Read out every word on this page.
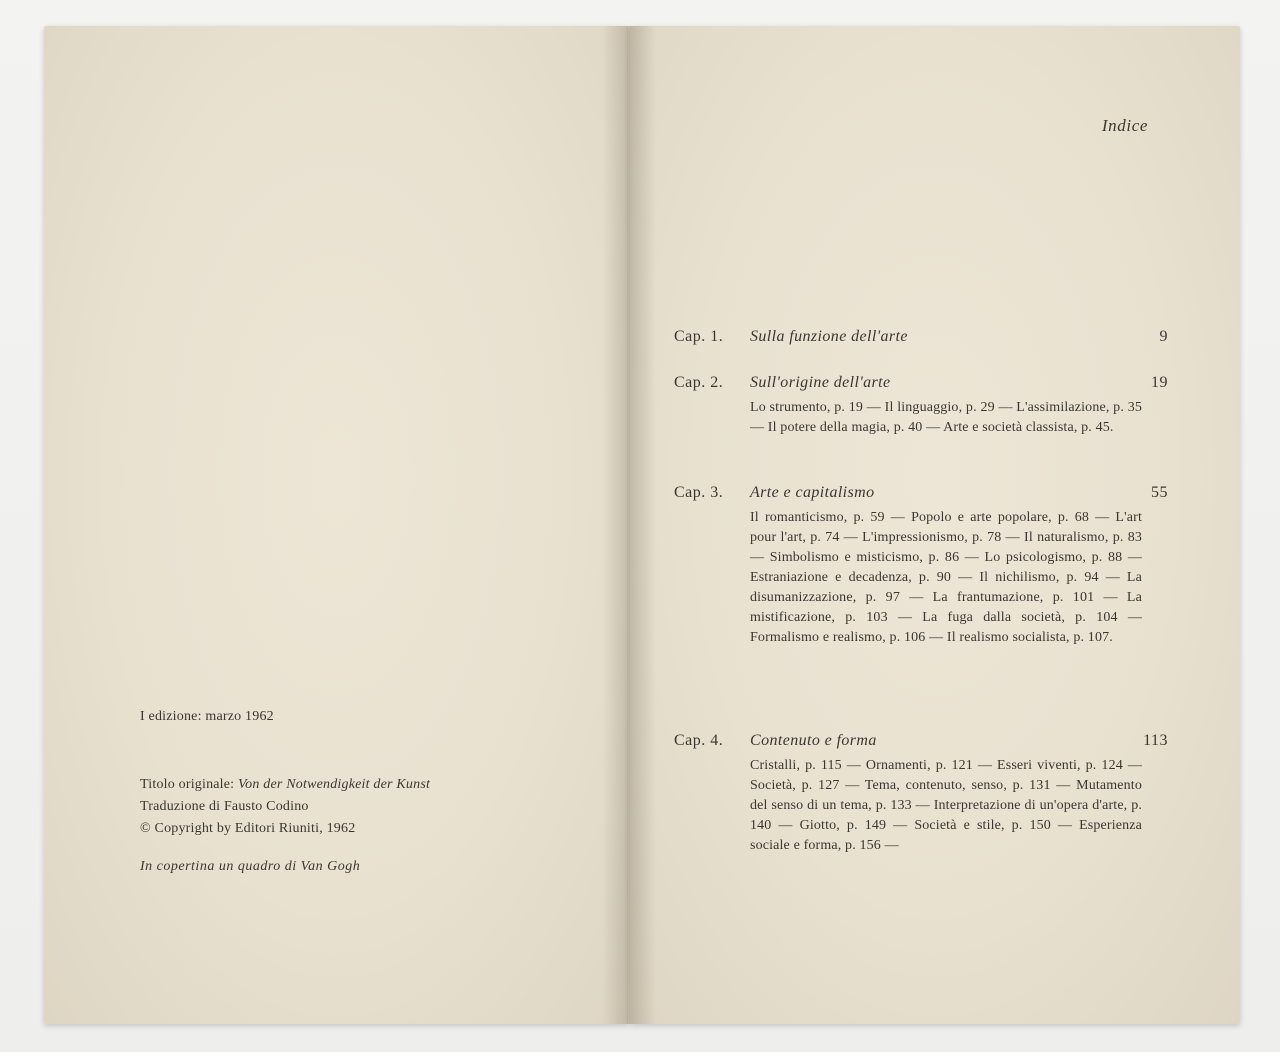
I edizione: marzo 1962
Titolo originale: Von der Notwendigkeit der Kunst
Traduzione di Fausto Codino
© Copyright by Editori Riuniti, 1962
In copertina un quadro di Van Gogh
Indice
Cap. 1. Sulla funzione dell'arte	9
Cap. 2. Sull'origine dell'arte	19
Lo strumento, p. 19 — Il linguaggio, p. 29 — L'assimilazione, p. 35 — Il potere della magia, p. 40 — Arte e società classista, p. 45.
Cap. 3. Arte e capitalismo	55
Il romanticismo, p. 59 — Popolo e arte popolare, p. 68 — L'art pour l'art, p. 74 — L'impressionismo, p. 78 — Il naturalismo, p. 83 — Simbolismo e misticismo, p. 86 — Lo psicologismo, p. 88 — Estraniazione e decadenza, p. 90 — Il nichilismo, p. 94 — La disumanizzazione, p. 97 — La frantumazione, p. 101 — La mistificazione, p. 103 — La fuga dalla società, p. 104 — Formalismo e realismo, p. 106 — Il realismo socialista, p. 107.
Cap. 4. Contenuto e forma	113
Cristalli, p. 115 — Ornamenti, p. 121 — Esseri viventi, p. 124 — Società, p. 127 — Tema, contenuto, senso, p. 131 — Mutamento del senso di un tema, p. 133 — Interpretazione di un'opera d'arte, p. 140 — Giotto, p. 149 — Società e stile, p. 150 — Esperienza sociale e forma, p. 156 —
